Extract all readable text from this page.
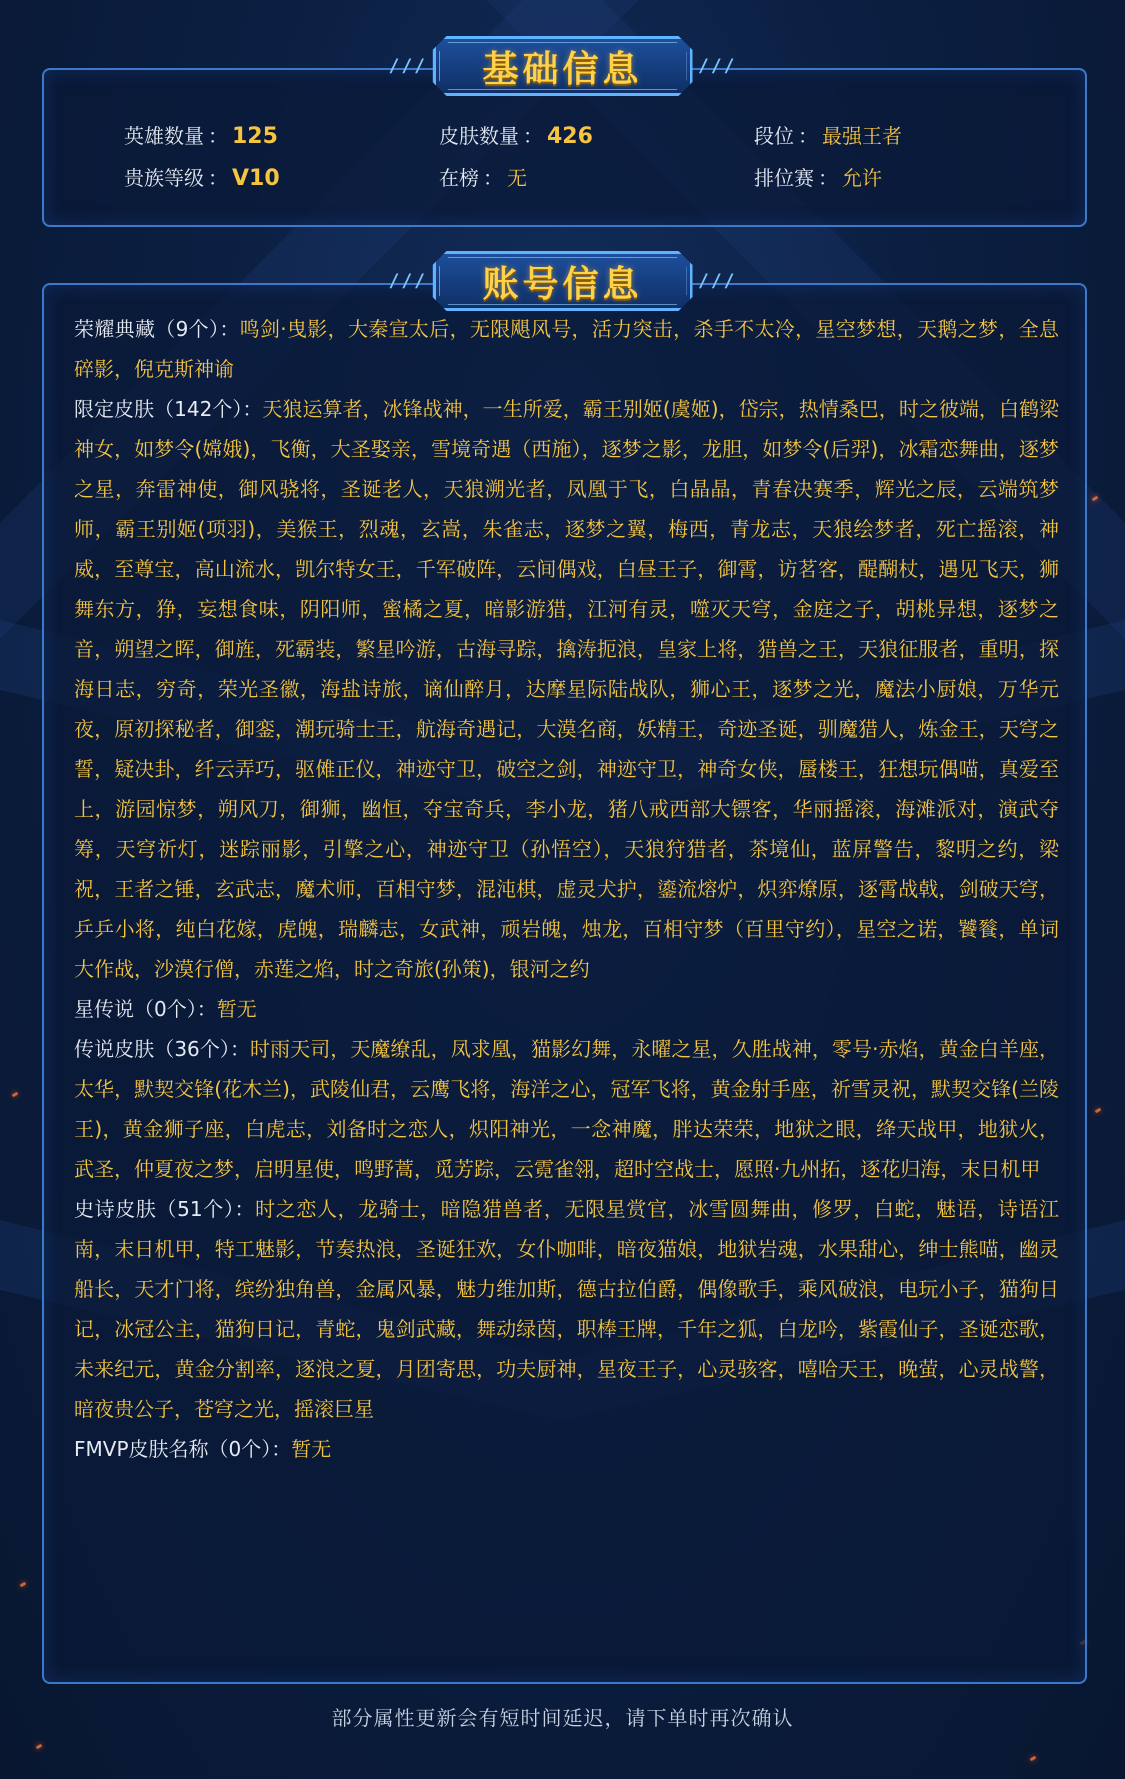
///	基础信息	///
英雄数量 ： 125	皮肤数量 ： 426	段位 ： 最强王者
贵族等级 ： V10	在榜 ： 无	排位赛 ： 允许
///	账号信息	///

荣耀典藏（9个）：鸣剑·曳影，大秦宣太后，无限飓风号，活力突击，杀手不太冷，星空梦想，天鹅之梦，全息碎影，倪克斯神谕

限定皮肤（142个）：天狼运算者，冰锋战神，一生所爱，霸王别姬(虞姬)，岱宗，热情桑巴，时之彼端，白鹤梁神女，如梦令(嫦娥)，飞衡，大圣娶亲，雪境奇遇（西施），逐梦之影，龙胆，如梦令(后羿)，冰霜恋舞曲，逐梦之星，奔雷神使，御风骁将，圣诞老人，天狼溯光者，凤凰于飞，白晶晶，青春决赛季，辉光之辰，云端筑梦师，霸王别姬(项羽)，美猴王，烈魂，玄嵩，朱雀志，逐梦之翼，梅西，青龙志，天狼绘梦者，死亡摇滚，神威，至尊宝，高山流水，凯尔特女王，千军破阵，云间偶戏，白昼王子，御霄，访茗客，醍醐杖，遇见飞天，狮舞东方，狰，妄想食味，阴阳师，蜜橘之夏，暗影游猎，江河有灵，噬灭天穹，金庭之子，胡桃异想，逐梦之音，朔望之晖，御旌，死霸装，繁星吟游，古海寻踪，擒涛扼浪，皇家上将，猎兽之王，天狼征服者，重明，探海日志，穷奇，荣光圣徽，海盐诗旅，谪仙醉月，达摩星际陆战队，狮心王，逐梦之光，魔法小厨娘，万华元夜，原初探秘者，御銮，潮玩骑士王，航海奇遇记，大漠名商，妖精王，奇迹圣诞，驯魔猎人，炼金王，天穹之誓，疑决卦，纤云弄巧，驱傩正仪，神迹守卫，破空之剑，神迹守卫，神奇女侠，蜃楼王，狂想玩偶喵，真爱至上，游园惊梦，朔风刀，御狮，幽恒，夺宝奇兵，李小龙，猪八戒西部大镖客，华丽摇滚，海滩派对，演武夺筹，天穹祈灯，迷踪丽影，引擎之心，神迹守卫（孙悟空），天狼狩猎者，茶境仙，蓝屏警告，黎明之约，梁祝，王者之锤，玄武志，魔术师，百相守梦，混沌棋，虚灵犬护，鎏流熔炉，炽弈燎原，逐霄战戟，剑破天穹，乒乒小将，纯白花嫁，虎魄，瑞麟志，女武神，顽岩魄，烛龙，百相守梦（百里守约），星空之诺，饕餮，单词大作战，沙漠行僧，赤莲之焰，时之奇旅(孙策)，银河之约

星传说（0个）：暂无

传说皮肤（36个）：时雨天司，天魔缭乱，凤求凰，猫影幻舞，永曜之星，久胜战神，零号·赤焰，黄金白羊座，太华，默契交锋(花木兰)，武陵仙君，云鹰飞将，海洋之心，冠军飞将，黄金射手座，祈雪灵祝，默契交锋(兰陵王)，黄金狮子座，白虎志，刘备时之恋人，炽阳神光，一念神魔，胖达荣荣，地狱之眼，绛天战甲，地狱火，武圣，仲夏夜之梦，启明星使，鸣野蒿，觅芳踪，云霓雀翎，超时空战士，愿照·九州拓，逐花归海，末日机甲

史诗皮肤（51个）：时之恋人，龙骑士，暗隐猎兽者，无限星赏官，冰雪圆舞曲，修罗，白蛇，魅语，诗语江南，末日机甲，特工魅影，节奏热浪，圣诞狂欢，女仆咖啡，暗夜猫娘，地狱岩魂，水果甜心，绅士熊喵，幽灵船长，天才门将，缤纷独角兽，金属风暴，魅力维加斯，德古拉伯爵，偶像歌手，乘风破浪，电玩小子，猫狗日记，冰冠公主，猫狗日记，青蛇，鬼剑武藏，舞动绿茵，职棒王牌，千年之狐，白龙吟，紫霞仙子，圣诞恋歌，未来纪元，黄金分割率，逐浪之夏，月团寄思，功夫厨神，星夜王子，心灵骇客，嘻哈天王，晚萤，心灵战警，暗夜贵公子，苍穹之光，摇滚巨星

FMVP皮肤名称（0个）：暂无

部分属性更新会有短时间延迟，请下单时再次确认
